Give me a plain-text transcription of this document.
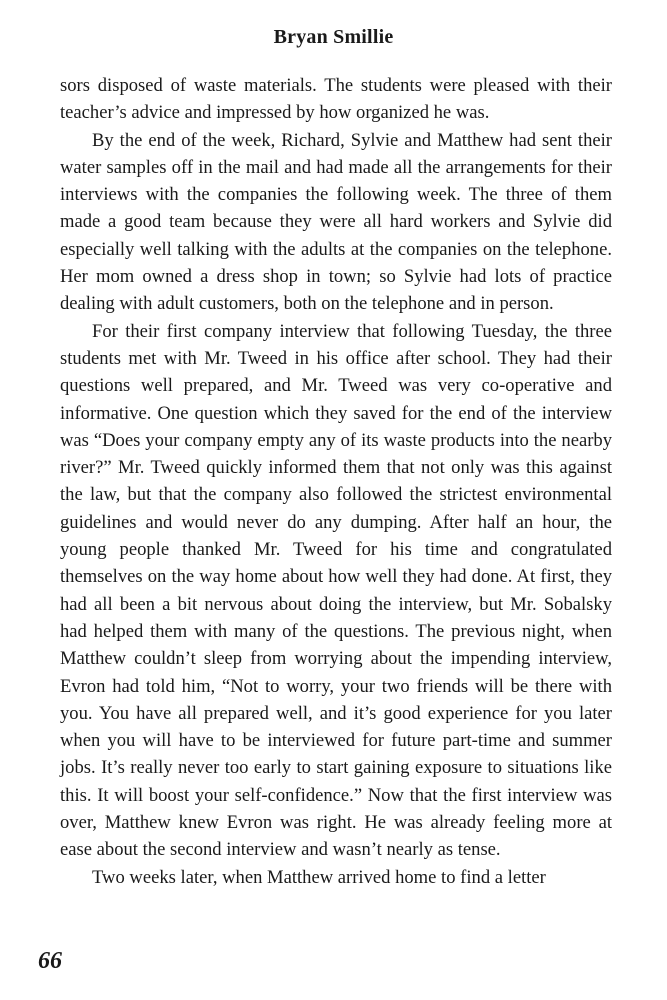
Bryan Smillie

sors disposed of waste materials. The students were pleased with their teacher’s advice and impressed by how organized he was.

By the end of the week, Richard, Sylvie and Matthew had sent their water samples off in the mail and had made all the arrangements for their interviews with the companies the following week. The three of them made a good team because they were all hard workers and Sylvie did especially well talking with the adults at the companies on the telephone. Her mom owned a dress shop in town; so Sylvie had lots of practice dealing with adult customers, both on the telephone and in person.

For their first company interview that following Tuesday, the three students met with Mr. Tweed in his office after school. They had their questions well prepared, and Mr. Tweed was very co-operative and informative. One question which they saved for the end of the interview was “Does your company empty any of its waste products into the nearby river?” Mr. Tweed quickly informed them that not only was this against the law, but that the company also followed the strictest environmental guidelines and would never do any dumping. After half an hour, the young people thanked Mr. Tweed for his time and congratulated themselves on the way home about how well they had done. At first, they had all been a bit nervous about doing the interview, but Mr. Sobalsky had helped them with many of the questions. The previous night, when Matthew couldn’t sleep from worrying about the impending interview, Evron had told him, “Not to worry, your two friends will be there with you. You have all prepared well, and it’s good experience for you later when you will have to be interviewed for future part-time and summer jobs. It’s really never too early to start gaining exposure to situations like this. It will boost your self-confidence.” Now that the first interview was over, Matthew knew Evron was right. He was already feeling more at ease about the second interview and wasn’t nearly as tense.

Two weeks later, when Matthew arrived home to find a letter

66
